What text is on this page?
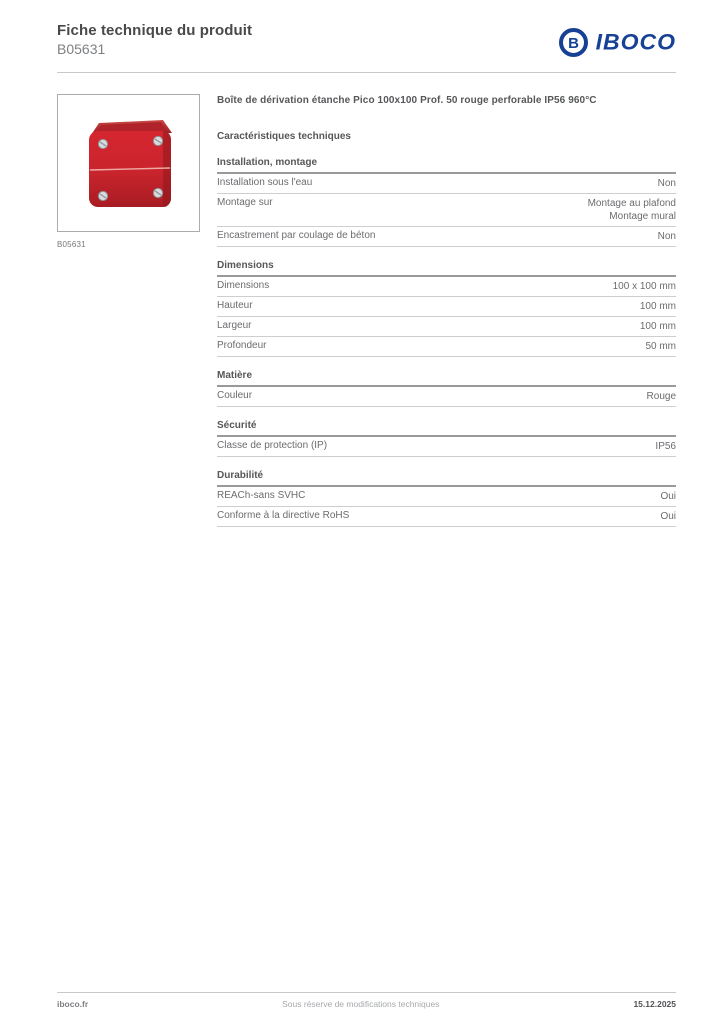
Fiche technique du produit
B05631	B IBOCO
B05631
Boîte de dérivation étanche Pico 100x100 Prof. 50 rouge perforable IP56 960°C
Caractéristiques techniques
Installation, montage
Installation sous l'eau	Non
Montage sur	Montage au plafond
Montage mural
Encastrement par coulage de béton	Non
Dimensions
Dimensions	100 x 100 mm
Hauteur	100 mm
Largeur	100 mm
Profondeur	50 mm
Matière
Couleur	Rouge
Sécurité
Classe de protection (IP)	IP56
Durabilité
REACh-sans SVHC	Oui
Conforme à la directive RoHS	Oui
iboco.fr	Sous réserve de modifications techniques	15.12.2025
